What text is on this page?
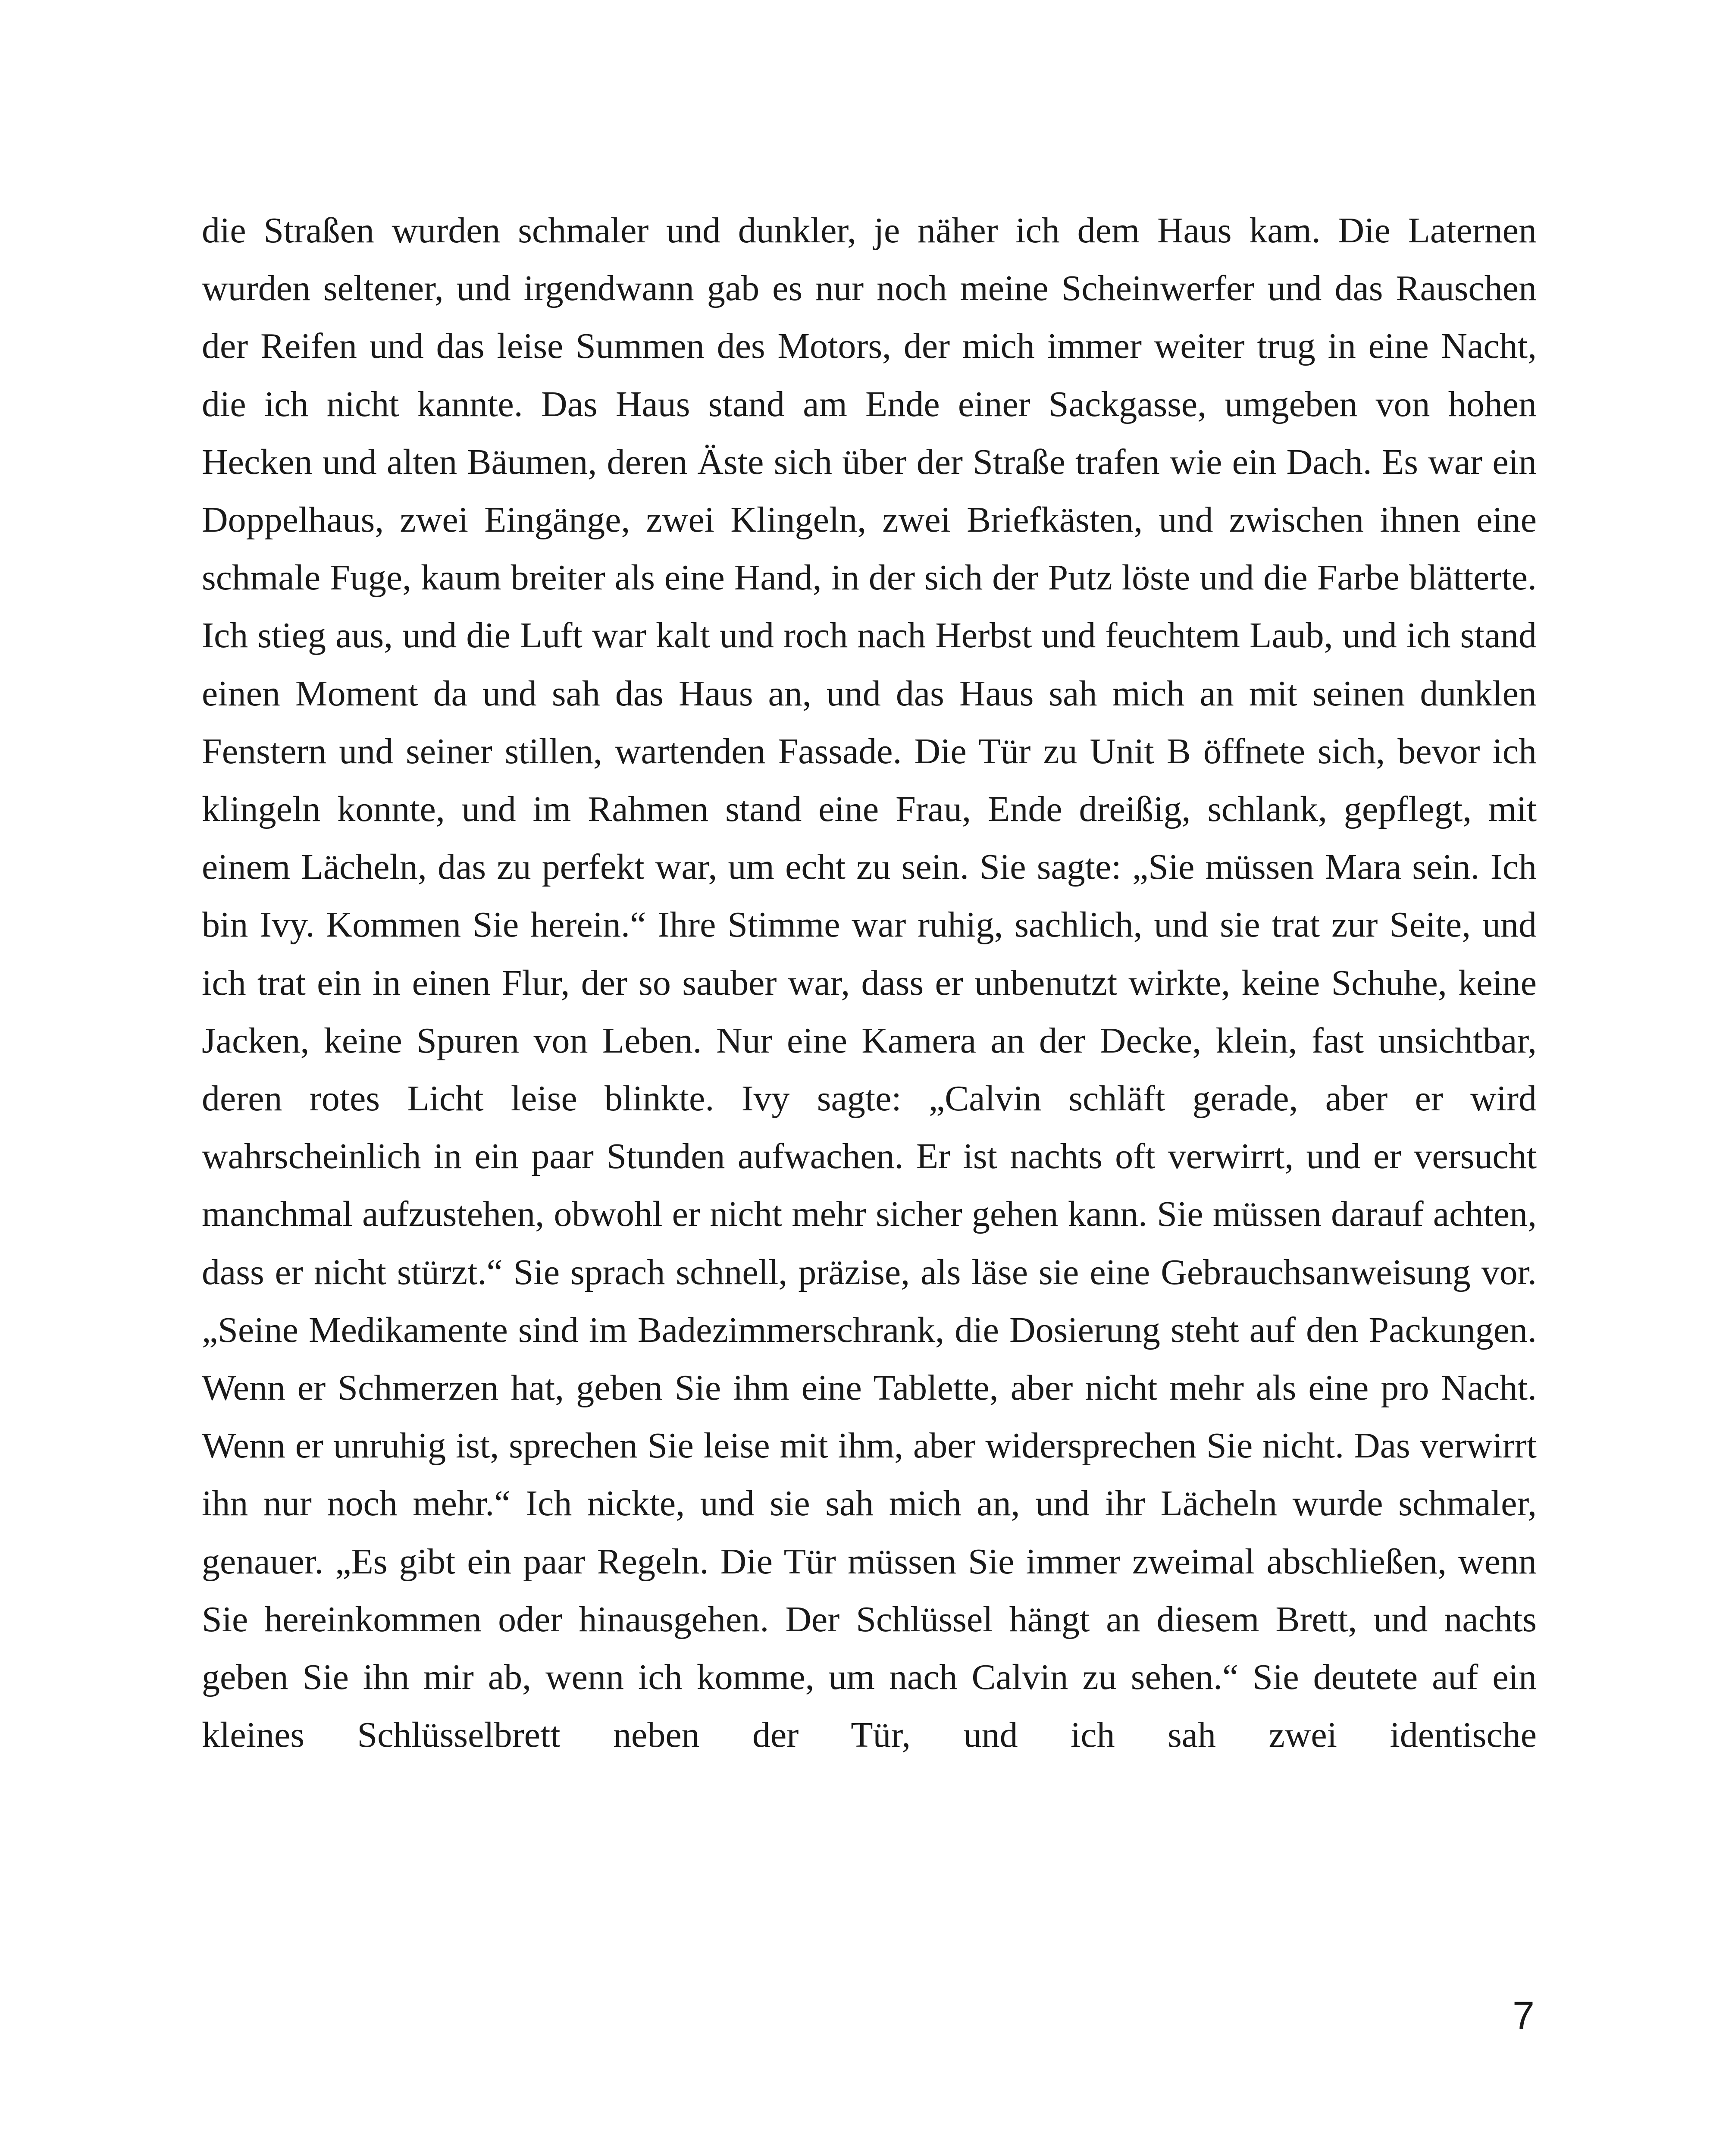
die Straßen wurden schmaler und dunkler, je näher ich dem Haus kam. Die Laternen wurden seltener, und irgendwann gab es nur noch meine Scheinwerfer und das Rauschen der Reifen und das leise Summen des Motors, der mich immer weiter trug in eine Nacht, die ich nicht kannte. Das Haus stand am Ende einer Sackgasse, umgeben von hohen Hecken und alten Bäumen, deren Äste sich über der Straße trafen wie ein Dach. Es war ein Doppelhaus, zwei Eingänge, zwei Klingeln, zwei Briefkästen, und zwischen ihnen eine schmale Fuge, kaum breiter als eine Hand, in der sich der Putz löste und die Farbe blätterte. Ich stieg aus, und die Luft war kalt und roch nach Herbst und feuchtem Laub, und ich stand einen Moment da und sah das Haus an, und das Haus sah mich an mit seinen dunklen Fenstern und seiner stillen, wartenden Fassade. Die Tür zu Unit B öffnete sich, bevor ich klingeln konnte, und im Rahmen stand eine Frau, Ende dreißig, schlank, gepflegt, mit einem Lächeln, das zu perfekt war, um echt zu sein. Sie sagte: „Sie müssen Mara sein. Ich bin Ivy. Kommen Sie herein.“ Ihre Stimme war ruhig, sachlich, und sie trat zur Seite, und ich trat ein in einen Flur, der so sauber war, dass er unbenutzt wirkte, keine Schuhe, keine Jacken, keine Spuren von Leben. Nur eine Kamera an der Decke, klein, fast unsichtbar, deren rotes Licht leise blinkte. Ivy sagte: „Calvin schläft gerade, aber er wird wahrscheinlich in ein paar Stunden aufwachen. Er ist nachts oft verwirrt, und er versucht manchmal aufzustehen, obwohl er nicht mehr sicher gehen kann. Sie müssen darauf achten, dass er nicht stürzt.“ Sie sprach schnell, präzise, als läse sie eine Gebrauchsanweisung vor. „Seine Medikamente sind im Badezimmerschrank, die Dosierung steht auf den Packungen. Wenn er Schmerzen hat, geben Sie ihm eine Tablette, aber nicht mehr als eine pro Nacht. Wenn er unruhig ist, sprechen Sie leise mit ihm, aber widersprechen Sie nicht. Das verwirrt ihn nur noch mehr.“ Ich nickte, und sie sah mich an, und ihr Lächeln wurde schmaler, genauer. „Es gibt ein paar Regeln. Die Tür müssen Sie immer zweimal abschließen, wenn Sie hereinkommen oder hinausgehen. Der Schlüssel hängt an diesem Brett, und nachts geben Sie ihn mir ab, wenn ich komme, um nach Calvin zu sehen.“ Sie deutete auf ein kleines Schlüsselbrett neben der Tür, und ich sah zwei identische

7
